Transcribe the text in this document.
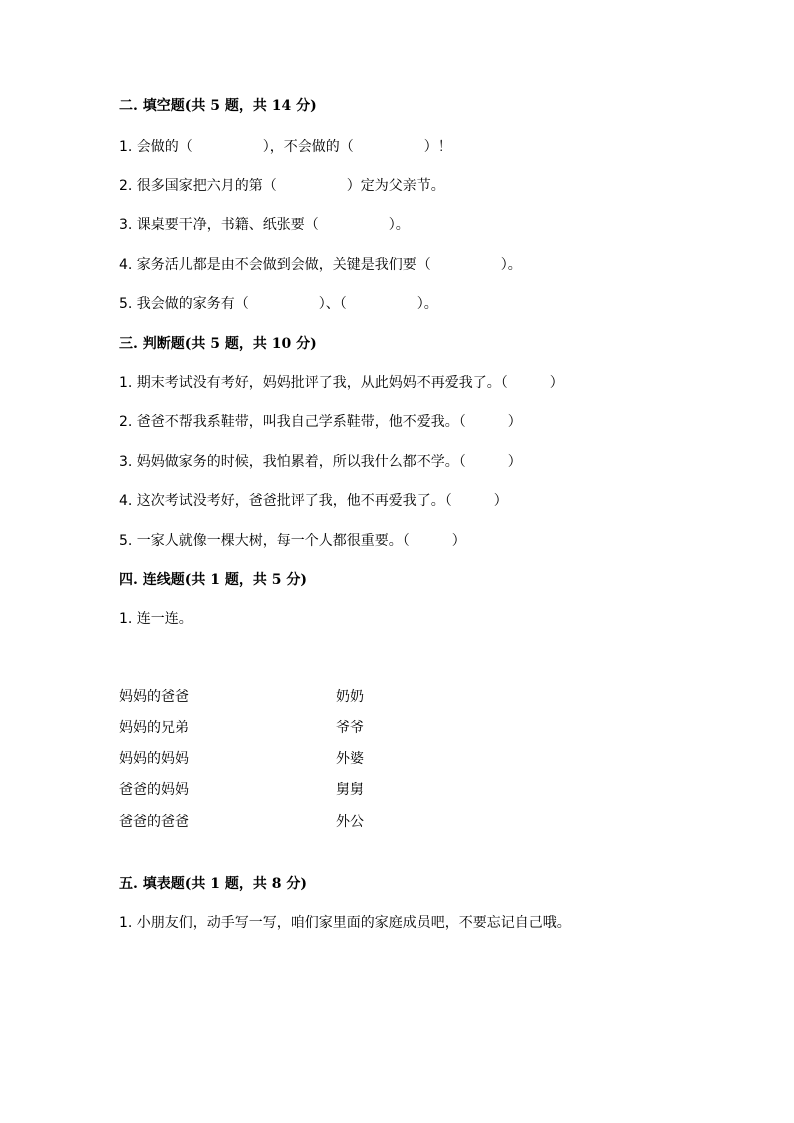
二. 填空题(共 5 题，共 14 分)
1. 会做的（　　　　　），不会做的（　　　　　）！
2. 很多国家把六月的第（　　　　　）定为父亲节。
3. 课桌要干净，书籍、纸张要（　　　　　）。
4. 家务活儿都是由不会做到会做，关键是我们要（　　　　　）。
5. 我会做的家务有（　　　　　）、（　　　　　）。
三. 判断题(共 5 题，共 10 分)
1. 期末考试没有考好，妈妈批评了我，从此妈妈不再爱我了。（　　　）
2. 爸爸不帮我系鞋带，叫我自己学系鞋带，他不爱我。（　　　）
3. 妈妈做家务的时候，我怕累着，所以我什么都不学。（　　　）
4. 这次考试没考好，爸爸批评了我，他不再爱我了。（　　　）
5. 一家人就像一棵大树，每一个人都很重要。（　　　）
四. 连线题(共 1 题，共 5 分)
1. 连一连。
妈妈的爸爸
妈妈的兄弟
妈妈的妈妈
爸爸的妈妈
爸爸的爸爸
奶奶
爷爷
外婆
舅舅
外公
五. 填表题(共 1 题，共 8 分)
1. 小朋友们，动手写一写，咱们家里面的家庭成员吧，不要忘记自己哦。
